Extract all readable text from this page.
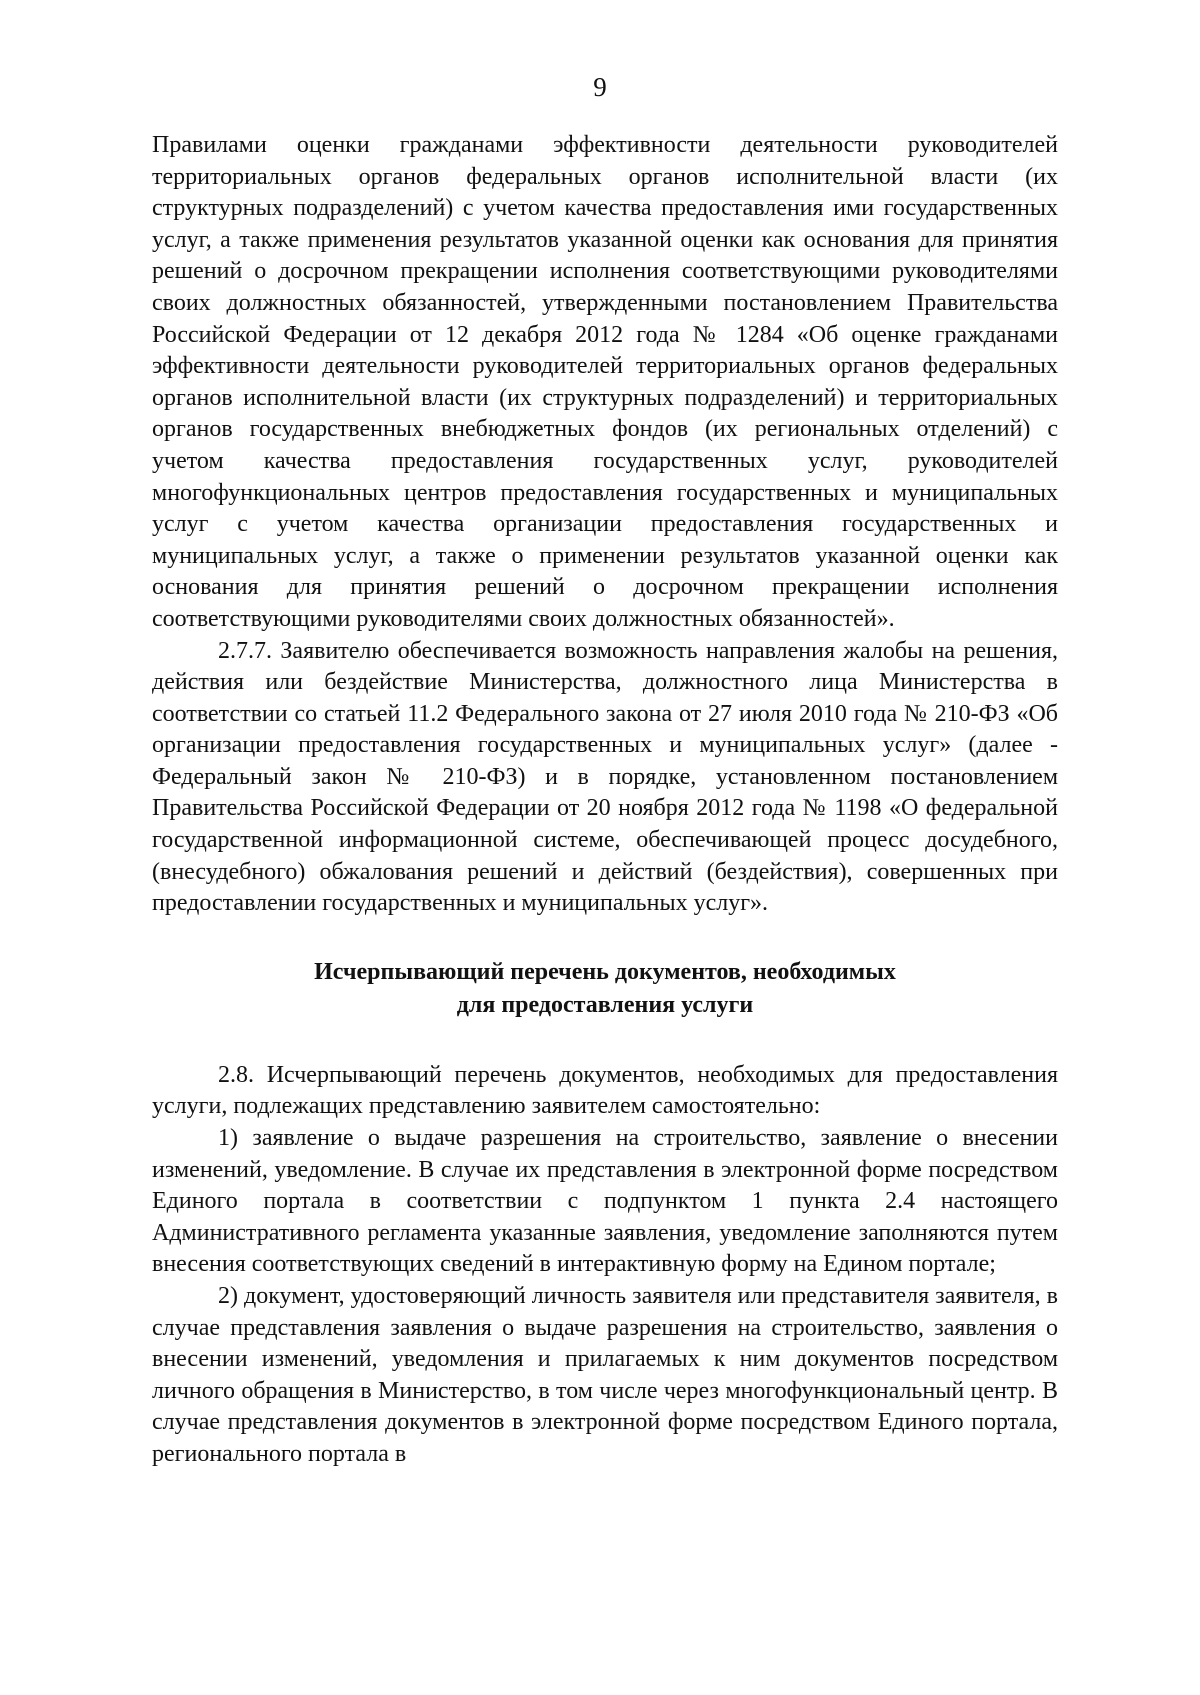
9

Правилами оценки гражданами эффективности деятельности руководителей территориальных органов федеральных органов исполнительной власти (их структурных подразделений) с учетом качества предоставления ими государственных услуг, а также применения результатов указанной оценки как основания для принятия решений о досрочном прекращении исполнения соответствующими руководителями своих должностных обязанностей, утвержденными постановлением Правительства Российской Федерации от 12 декабря 2012 года № 1284 «Об оценке гражданами эффективности деятельности руководителей территориальных органов федеральных органов исполнительной власти (их структурных подразделений) и территориальных органов государственных внебюджетных фондов (их региональных отделений) с учетом качества предоставления государственных услуг, руководителей многофункциональных центров предоставления государственных и муниципальных услуг с учетом качества организации предоставления государственных и муниципальных услуг, а также о применении результатов указанной оценки как основания для принятия решений о досрочном прекращении исполнения соответствующими руководителями своих должностных обязанностей».

2.7.7. Заявителю обеспечивается возможность направления жалобы на решения, действия или бездействие Министерства, должностного лица Министерства в соответствии со статьей 11.2 Федерального закона от 27 июля 2010 года № 210-ФЗ «Об организации предоставления государственных и муниципальных услуг» (далее - Федеральный закон № 210-ФЗ) и в порядке, установленном постановлением Правительства Российской Федерации от 20 ноября 2012 года № 1198 «О федеральной государственной информационной системе, обеспечивающей процесс досудебного, (внесудебного) обжалования решений и действий (бездействия), совершенных при предоставлении государственных и муниципальных услуг».

Исчерпывающий перечень документов, необходимых
для предоставления услуги

2.8. Исчерпывающий перечень документов, необходимых для предоставления услуги, подлежащих представлению заявителем самостоятельно:

1) заявление о выдаче разрешения на строительство, заявление о внесении изменений, уведомление. В случае их представления в электронной форме посредством Единого портала в соответствии с подпунктом 1 пункта 2.4 настоящего Административного регламента указанные заявления, уведомление заполняются путем внесения соответствующих сведений в интерактивную форму на Едином портале;

2) документ, удостоверяющий личность заявителя или представителя заявителя, в случае представления заявления о выдаче разрешения на строительство, заявления о внесении изменений, уведомления и прилагаемых к ним документов посредством личного обращения в Министерство, в том числе через многофункциональный центр. В случае представления документов в электронной форме посредством Единого портала, регионального портала в
